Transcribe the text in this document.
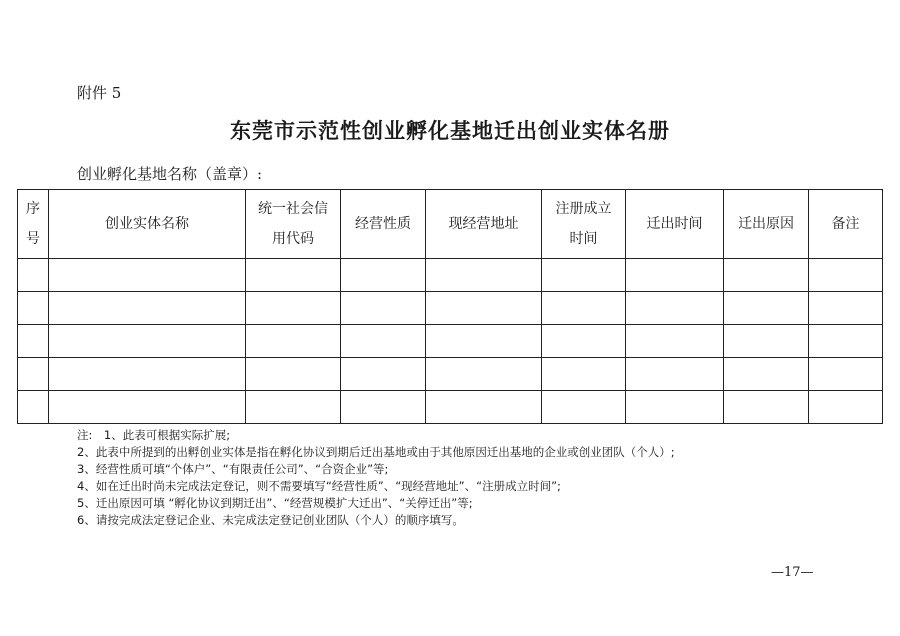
附件 5
东莞市示范性创业孵化基地迁出创业实体名册
创业孵化基地名称（盖章）:
序号	创业实体名称	统一社会信用代码	经营性质	现经营地址	注册成立时间	迁出时间	迁出原因	备注

注:　1、此表可根据实际扩展;
2、此表中所提到的出孵创业实体是指在孵化协议到期后迁出基地或由于其他原因迁出基地的企业或创业团队（个人）;
3、经营性质可填“个体户”、“有限责任公司”、“合资企业”等;
4、如在迁出时尚未完成法定登记，则不需要填写“经营性质”、“现经营地址”、“注册成立时间”;
5、迁出原因可填 “孵化协议到期迁出”、“经营规模扩大迁出”、“关停迁出”等;
6、请按完成法定登记企业、未完成法定登记创业团队（个人）的顺序填写。
—17—
